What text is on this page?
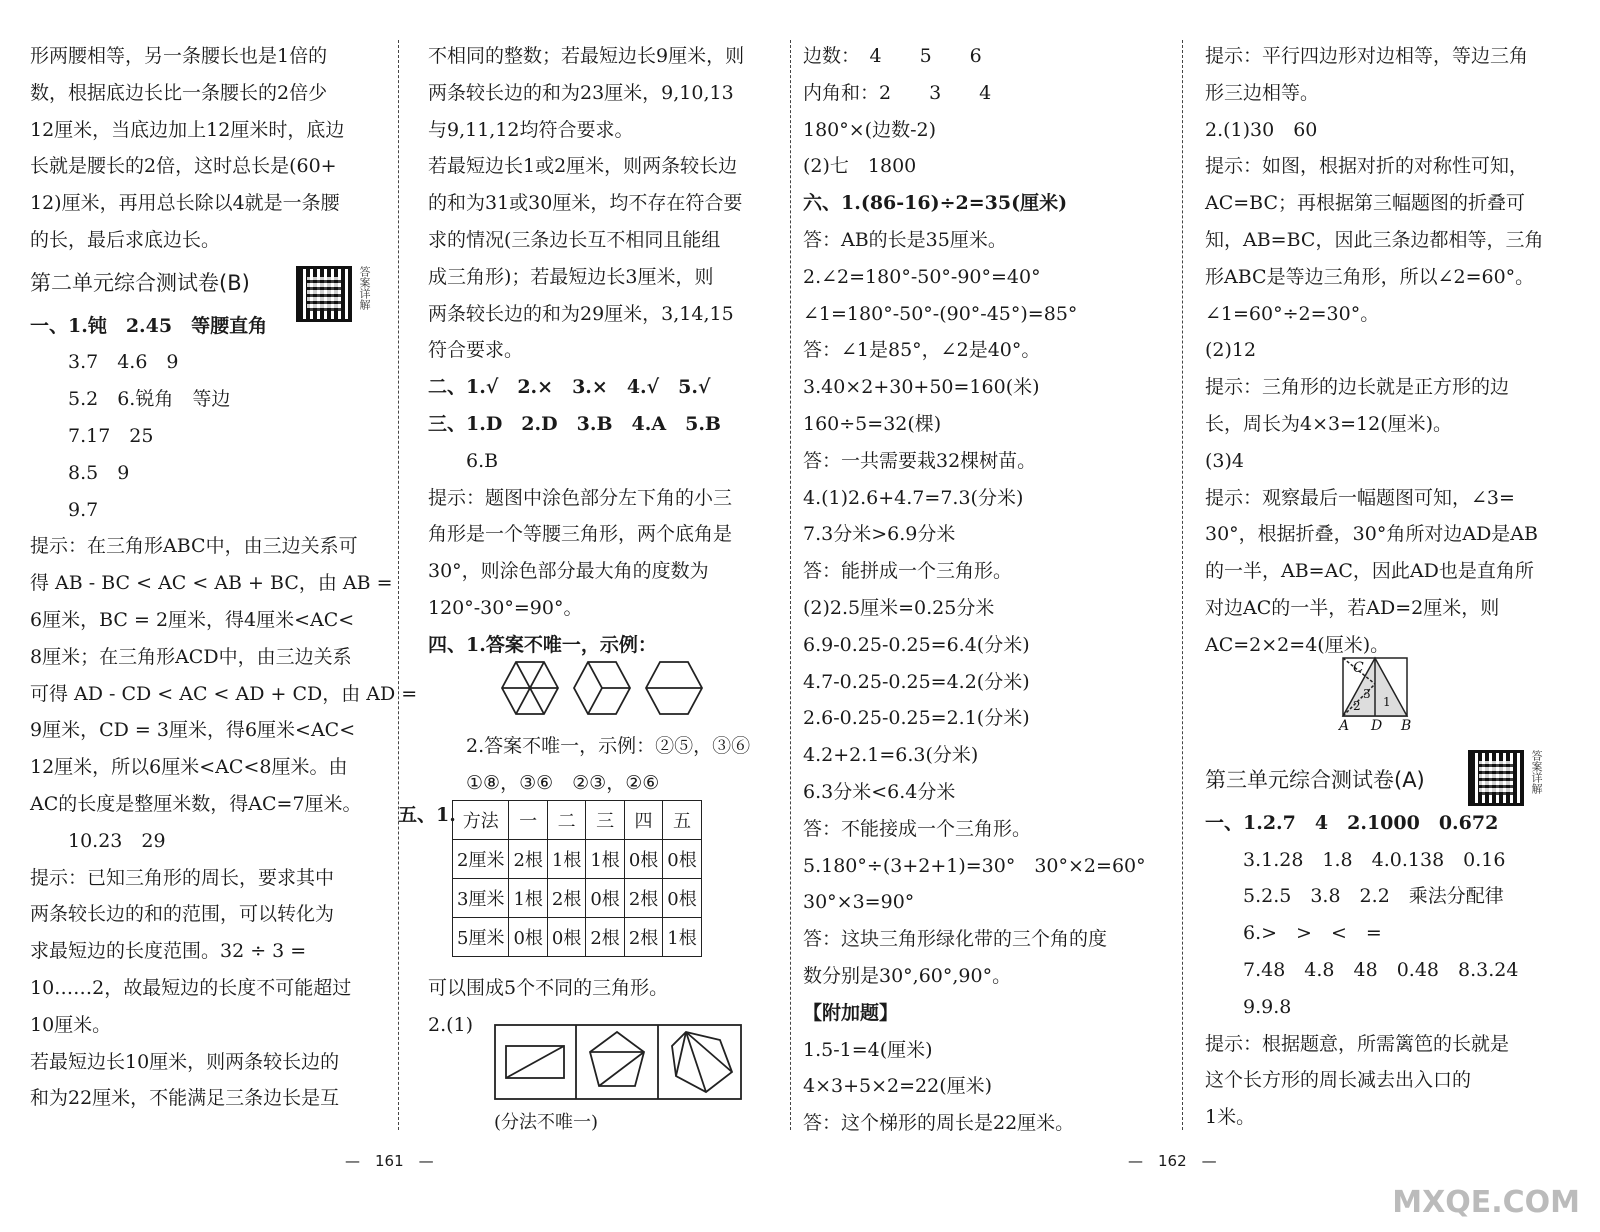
形两腰相等，另一条腰长也是1倍的
数，根据底边长比一条腰长的2倍少
12厘米，当底边加上12厘米时，底边
长就是腰长的2倍，这时总长是(60+
12)厘米，再用总长除以4就是一条腰
的长，最后求底边长。
第二单元综合测试卷(B)
一、1.钝　2.45　等腰直角
3.7　4.6　9
5.2　6.锐角　等边
7.17　25
8.5　9
9.7
提示：在三角形ABC中，由三边关系可
得 AB - BC < AC < AB + BC，由 AB =
6厘米，BC = 2厘米，得4厘米<AC<
8厘米；在三角形ACD中，由三边关系
可得 AD - CD < AC < AD + CD，由 AD =
9厘米，CD = 3厘米，得6厘米<AC<
12厘米，所以6厘米<AC<8厘米。由
AC的长度是整厘米数，得AC=7厘米。
10.23　29
提示：已知三角形的周长，要求其中
两条较长边的和的范围，可以转化为
求最短边的长度范围。32 ÷ 3 =
10……2，故最短边的长度不可能超过
10厘米。
若最短边长10厘米，则两条较长边的
和为22厘米，不能满足三条边长是互
答案详解
不相同的整数；若最短边长9厘米，则
两条较长边的和为23厘米，9,10,13
与9,11,12均符合要求。
若最短边长1或2厘米，则两条较长边
的和为31或30厘米，均不存在符合要
求的情况(三条边长互不相同且能组
成三角形)；若最短边长3厘米，则
两条较长边的和为29厘米，3,14,15
符合要求。
二、1.√　2.×　3.×　4.√　5.√
三、1.D　2.D　3.B　4.A　5.B
6.B
提示：题图中涂色部分左下角的小三
角形是一个等腰三角形，两个底角是
30°，则涂色部分最大角的度数为
120°-30°=90°。
四、1.答案不唯一，示例：
2.答案不唯一，示例：②⑤，③⑥
①⑧，③⑥　②③，②⑥
五、1. 方法	一	二	三	四	五
2厘米	2根	1根	1根	0根	0根
3厘米	1根	2根	0根	2根	0根
5厘米	0根	0根	2根	2根	1根
可以围成5个不同的三角形。
2.(1)
(分法不唯一)
边数：　4　　5　　6
内角和：2　　3　　4
180°×(边数-2)
(2)七　1800
六、1.(86-16)÷2=35(厘米)
答：AB的长是35厘米。
2.∠2=180°-50°-90°=40°
∠1=180°-50°-(90°-45°)=85°
答：∠1是85°，∠2是40°。
3.40×2+30+50=160(米)
160÷5=32(棵)
答：一共需要栽32棵树苗。
4.(1)2.6+4.7=7.3(分米)
7.3分米>6.9分米
答：能拼成一个三角形。
(2)2.5厘米=0.25分米
6.9-0.25-0.25=6.4(分米)
4.7-0.25-0.25=4.2(分米)
2.6-0.25-0.25=2.1(分米)
4.2+2.1=6.3(分米)
6.3分米<6.4分米
答：不能接成一个三角形。
5.180°÷(3+2+1)=30°　30°×2=60°
30°×3=90°
答：这块三角形绿化带的三个角的度
数分别是30°,60°,90°。
【附加题】
1.5-1=4(厘米)
4×3+5×2=22(厘米)
答：这个梯形的周长是22厘米。
提示：平行四边形对边相等，等边三角
形三边相等。
2.(1)30　60
提示：如图，根据对折的对称性可知，
AC=BC；再根据第三幅题图的折叠可
知，AB=BC，因此三条边都相等，三角
形ABC是等边三角形，所以∠2=60°。
∠1=60°÷2=30°。
(2)12
提示：三角形的边长就是正方形的边
长，周长为4×3=12(厘米)。
(3)4
提示：观察最后一幅题图可知，∠3=
30°，根据折叠，30°角所对边AD是AB
的一半，AB=AC，因此AD也是直角所
对边AC的一半，若AD=2厘米，则
AC=2×2=4(厘米)。
C
A D B
1
2
3
第三单元综合测试卷(A)
一、1.2.7　4　2.1000　0.672
3.1.28　1.8　4.0.138　0.16
5.2.5　3.8　2.2　乘法分配律
6.>　>　<　=
7.48　4.8　48　0.48　8.3.24
9.9.8
提示：根据题意，所需篱笆的长就是
这个长方形的周长减去出入口的
1米。
答案详解
—　161　—	—　162　—
MXQE.COM
